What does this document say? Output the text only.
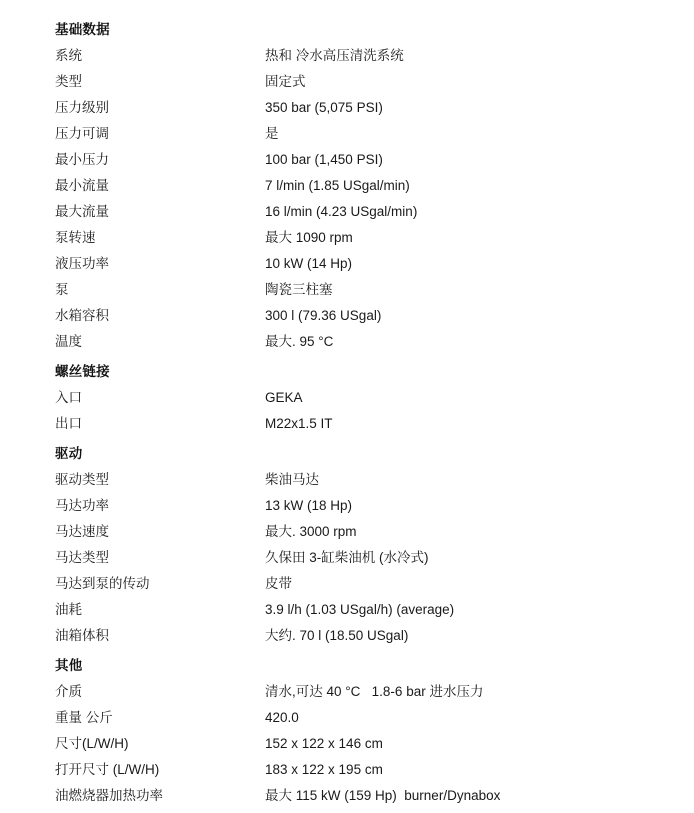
基础数据
系统	热和 冷水高压清洗系统
类型	固定式
压力级别	350 bar (5,075 PSI)
压力可调	是
最小压力	100 bar (1,450 PSI)
最小流量	7 l/min (1.85 USgal/min)
最大流量	16 l/min (4.23 USgal/min)
泵转速	最大 1090 rpm
液压功率	10 kW (14 Hp)
泵	陶瓷三柱塞
水箱容积	300 l (79.36 USgal)
温度	最大. 95 °C
螺丝链接
入口	GEKA
出口	M22x1.5 IT
驱动
驱动类型	柴油马达
马达功率	13 kW (18 Hp)
马达速度	最大. 3000 rpm
马达类型	久保田 3-缸柴油机 (水冷式)
马达到泵的传动	皮带
油耗	3.9 l/h (1.03 USgal/h) (average)
油箱体积	大约. 70 l (18.50 USgal)
其他
介质	清水,可达 40 °C   1.8-6 bar 进水压力
重量 公斤	420.0
尺寸(L/W/H)	152 x 122 x 146 cm
打开尺寸 (L/W/H)	183 x 122 x 195 cm
油燃烧器加热功率	最大 115 kW (159 Hp)  burner/Dynabox
